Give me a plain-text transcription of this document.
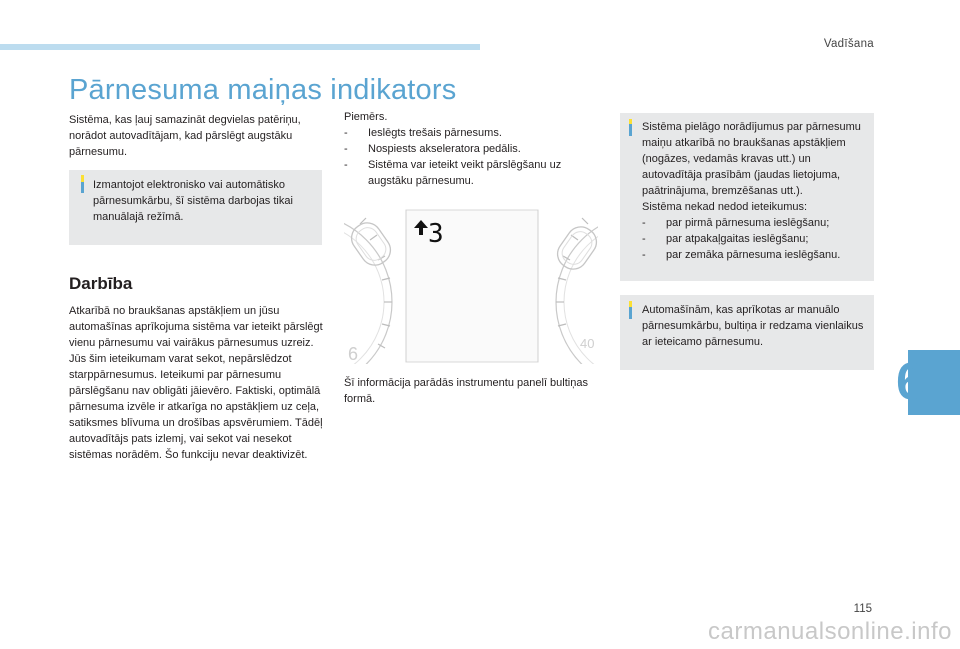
Vadīšana
Pārnesuma maiņas indikators
Sistēma, kas ļauj samazināt degvielas patēriņu, norādot autovadītājam, kad pārslēgt augstāku pārnesumu.
Izmantojot elektronisko vai automātisko pārnesumkārbu, šī sistēma darbojas tikai manuālajā režīmā.
Darbība
Atkarībā no braukšanas apstākļiem un jūsu automašīnas aprīkojuma sistēma var ieteikt pārslēgt vienu pārnesumu vai vairākus pārnesumus uzreiz. Jūs šim ieteikumam varat sekot, nepārslēdzot starppārnesumus. Ieteikumi par pārnesumu pārslēgšanu nav obligāti jāievēro. Faktiski, optimālā pārnesuma izvēle ir atkarīga no apstākļiem uz ceļa, satiksmes blīvuma un drošības apsvērumiem. Tādēļ autovadītājs pats izlemj, vai sekot vai nesekot sistēmas norādēm. Šo funkciju nevar deaktivizēt.
Piemērs.
- Ieslēgts trešais pārnesums.
- Nospiests akseleratora pedālis.
- Sistēma var ieteikt veikt pārslēgšanu uz augstāku pārnesumu.
6
40
3
Šī informācija parādās instrumentu panelī bultiņas formā.
Sistēma pielāgo norādījumus par pārnesumu maiņu atkarībā no braukšanas apstākļiem (nogāzes, vedamās kravas utt.) un autovadītāja prasībām (jaudas lietojuma, paātrinājuma, bremzēšanas utt.).
Sistēma nekad nedod ieteikumus:
- par pirmā pārnesuma ieslēgšanu;
- par atpakaļgaitas ieslēgšanu;
- par zemāka pārnesuma ieslēgšanu.
Automašīnām, kas aprīkotas ar manuālo pārnesumkārbu, bultiņa ir redzama vienlaikus ar ieteicamo pārnesumu.
6
115
carmanualsonline.info
